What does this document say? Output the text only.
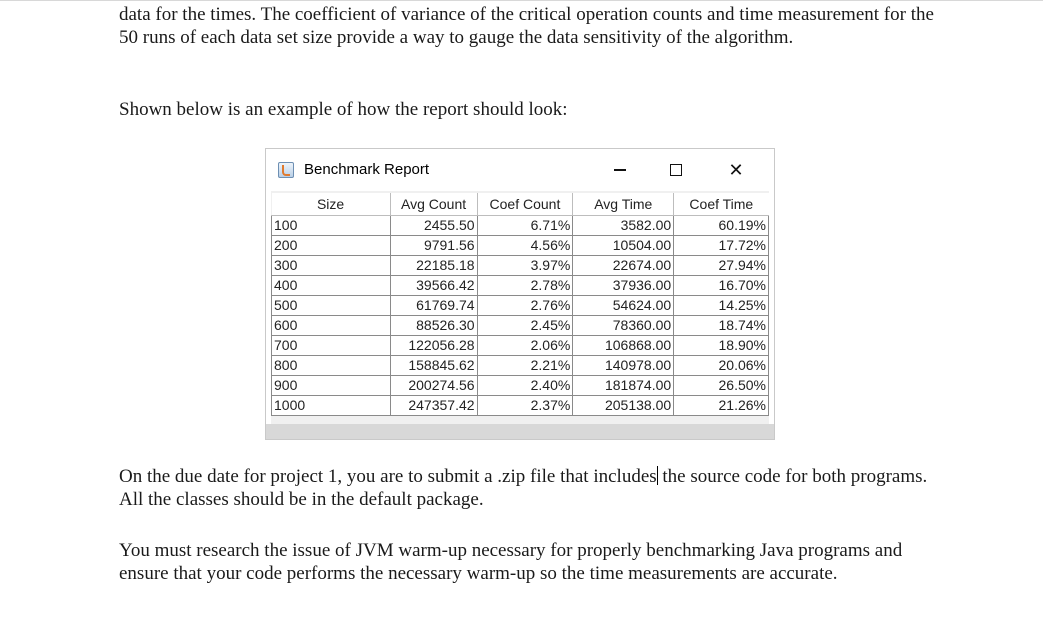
data for the times. The coefficient of variance of the critical operation counts and time measurement for the 50 runs of each data set size provide a way to gauge the data sensitivity of the algorithm.

Shown below is an example of how the report should look:

Benchmark Report	✕
Size	Avg Count	Coef Count	Avg Time	Coef Time
100	2455.50	6.71%	3582.00	60.19%
200	9791.56	4.56%	10504.00	17.72%
300	22185.18	3.97%	22674.00	27.94%
400	39566.42	2.78%	37936.00	16.70%
500	61769.74	2.76%	54624.00	14.25%
600	88526.30	2.45%	78360.00	18.74%
700	122056.28	2.06%	106868.00	18.90%
800	158845.62	2.21%	140978.00	20.06%
900	200274.56	2.40%	181874.00	26.50%
1000	247357.42	2.37%	205138.00	21.26%

On the due date for project 1, you are to submit a .zip file that includes the source code for both programs. All the classes should be in the default package.

You must research the issue of JVM warm-up necessary for properly benchmarking Java programs and ensure that your code performs the necessary warm-up so the time measurements are accurate.
